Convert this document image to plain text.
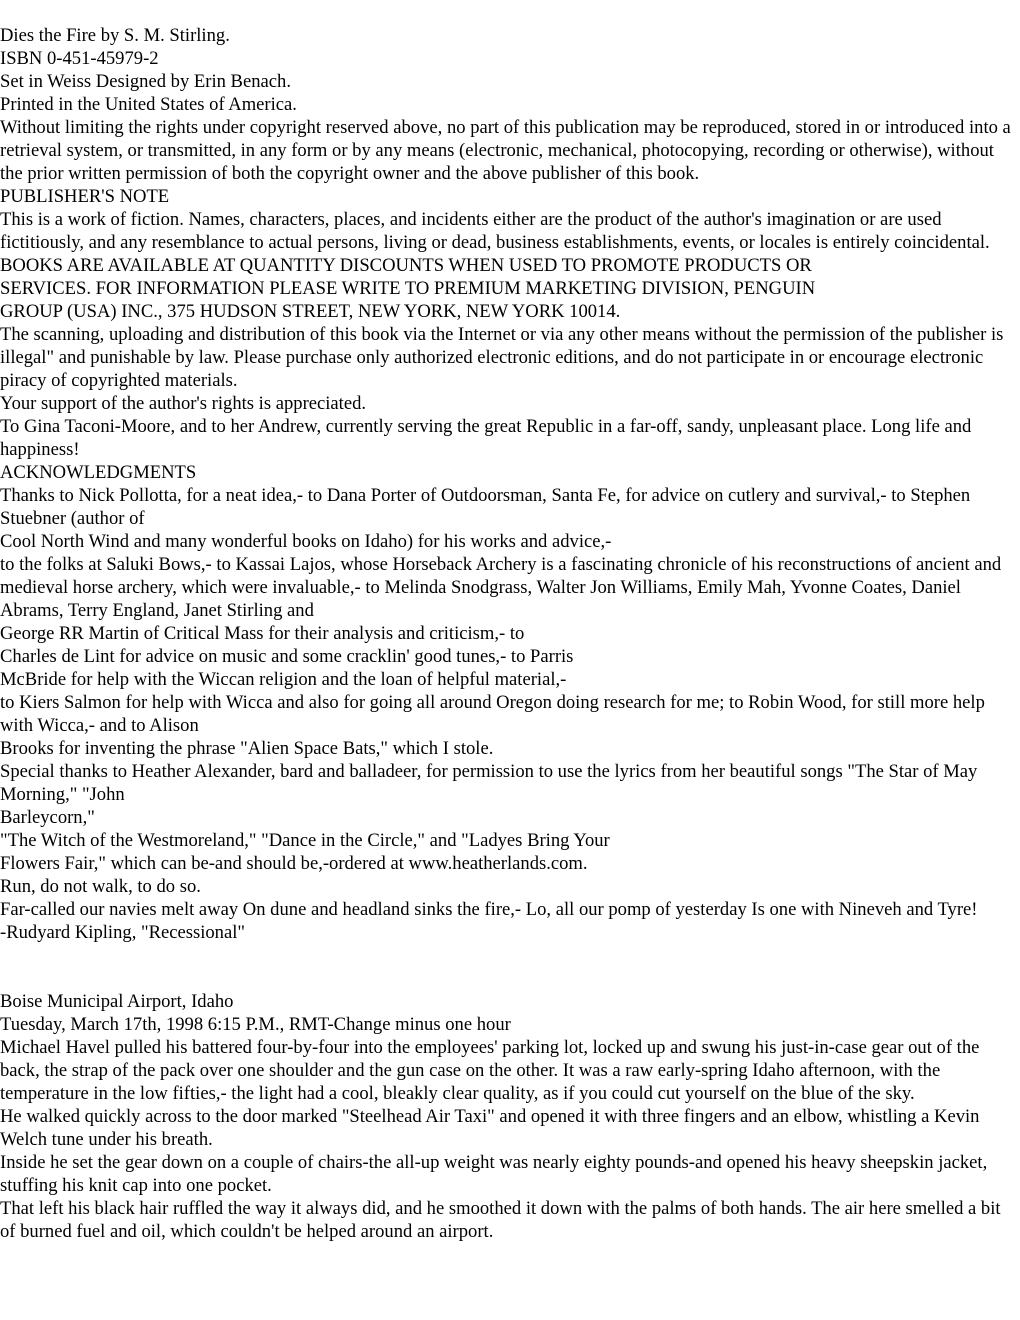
Dies the Fire by S. M. Stirling.

ISBN 0-451-45979-2

Set in Weiss Designed by Erin Benach.

Printed in the United States of America.

Without limiting the rights under copyright reserved above, no part of this publication may be reproduced, stored in or introduced into a retrieval system, or transmitted, in any form or by any means (electronic, mechanical, photocopying, recording or otherwise), without the prior written permission of both the copyright owner and the above publisher of this book.

PUBLISHER'S NOTE

This is a work of fiction. Names, characters, places, and incidents either are the product of the author's imagination or are used fictitiously, and any resemblance to actual persons, living or dead, business establishments, events, or locales is entirely coincidental.

BOOKS ARE AVAILABLE AT QUANTITY DISCOUNTS WHEN USED TO PROMOTE PRODUCTS OR

SERVICES. FOR INFORMATION PLEASE WRITE TO PREMIUM MARKETING DIVISION, PENGUIN

GROUP (USA) INC., 375 HUDSON STREET, NEW YORK, NEW YORK 10014.

The scanning, uploading and distribution of this book via the Internet or via any other means without the permission of the publisher is illegal" and punishable by law. Please purchase only authorized electronic editions, and do not participate in or encourage electronic piracy of copyrighted materials.

Your support of the author's rights is appreciated.

To Gina Taconi-Moore, and to her Andrew, currently serving the great Republic in a far-off, sandy, unpleasant place. Long life and happiness!

ACKNOWLEDGMENTS

Thanks to Nick Pollotta, for a neat idea,- to Dana Porter of Outdoorsman, Santa Fe, for advice on cutlery and survival,- to Stephen Stuebner (author of

Cool North Wind and many wonderful books on Idaho) for his works and advice,-

to the folks at Saluki Bows,- to Kassai Lajos, whose Horseback Archery is a fascinating chronicle of his reconstructions of ancient and medieval horse archery, which were invaluable,- to Melinda Snodgrass, Walter Jon Williams, Emily Mah, Yvonne Coates, Daniel Abrams, Terry England, Janet Stirling and

George RR Martin of Critical Mass for their analysis and criticism,- to

Charles de Lint for advice on music and some cracklin' good tunes,- to Parris

McBride for help with the Wiccan religion and the loan of helpful material,-

to Kiers Salmon for help with Wicca and also for going all around Oregon doing research for me; to Robin Wood, for still more help with Wicca,- and to Alison

Brooks for inventing the phrase "Alien Space Bats," which I stole.

Special thanks to Heather Alexander, bard and balladeer, for permission to use the lyrics from her beautiful songs "The Star of May Morning," "John

Barleycorn,"

"The Witch of the Westmoreland," "Dance in the Circle," and "Ladyes Bring Your

Flowers Fair," which can be-and should be,-ordered at www.heatherlands.com.

Run, do not walk, to do so.

Far-called our navies melt away On dune and headland sinks the fire,- Lo, all our pomp of yesterday Is one with Nineveh and Tyre!

-Rudyard Kipling, "Recessional"

Boise Municipal Airport, Idaho

Tuesday, March 17th, 1998 6:15 P.M., RMT-Change minus one hour

Michael Havel pulled his battered four-by-four into the employees' parking lot, locked up and swung his just-in-case gear out of the back, the strap of the pack over one shoulder and the gun case on the other. It was a raw early-spring Idaho afternoon, with the temperature in the low fifties,- the light had a cool, bleakly clear quality, as if you could cut yourself on the blue of the sky.

He walked quickly across to the door marked "Steelhead Air Taxi" and opened it with three fingers and an elbow, whistling a Kevin Welch tune under his breath.

Inside he set the gear down on a couple of chairs-the all-up weight was nearly eighty pounds-and opened his heavy sheepskin jacket, stuffing his knit cap into one pocket.

That left his black hair ruffled the way it always did, and he smoothed it down with the palms of both hands. The air here smelled a bit of burned fuel and oil, which couldn't be helped around an airport.
